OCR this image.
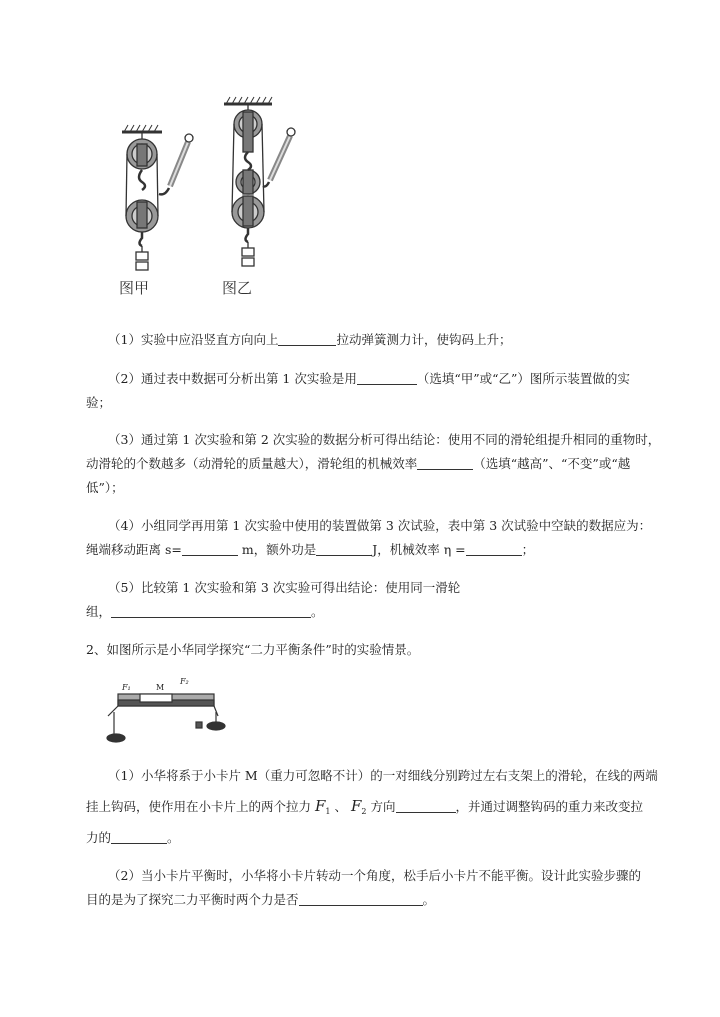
图甲	图乙
（1）实验中应沿竖直方向向上	拉动弹簧测力计，使钩码上升；
（2）通过表中数据可分析出第 1 次实验是用	（选填“甲”或“乙”）图所示装置做的实
验；
（3）通过第 1 次实验和第 2 次实验的数据分析可得出结论：使用不同的滑轮组提升相同的重物时，
动滑轮的个数越多（动滑轮的质量越大），滑轮组的机械效率	（选填“越高”、“不变”或“越
低”）；
（4）小组同学再用第 1 次实验中使用的装置做第 3 次试验，表中第 3 次试验中空缺的数据应为：
绳端移动距离 s=	m，额外功是	J，机械效率 η =	；
（5）比较第 1 次实验和第 3 次实验可得出结论：使用同一滑轮
组，	。
2、如图所示是小华同学探究“二力平衡条件”时的实验情景。
F₁	M
F₂
（1）小华将系于小卡片 M（重力可忽略不计）的一对细线分别跨过左右支架上的滑轮，在线的两端
挂上钩码，使作用在小卡片上的两个拉力 $F_1$ 、 $F_2$ 方向	，并通过调整钩码的重力来改变拉
力的	。
（2）当小卡片平衡时，小华将小卡片转动一个角度，松手后小卡片不能平衡。设计此实验步骤的
目的是为了探究二力平衡时两个力是否	。
